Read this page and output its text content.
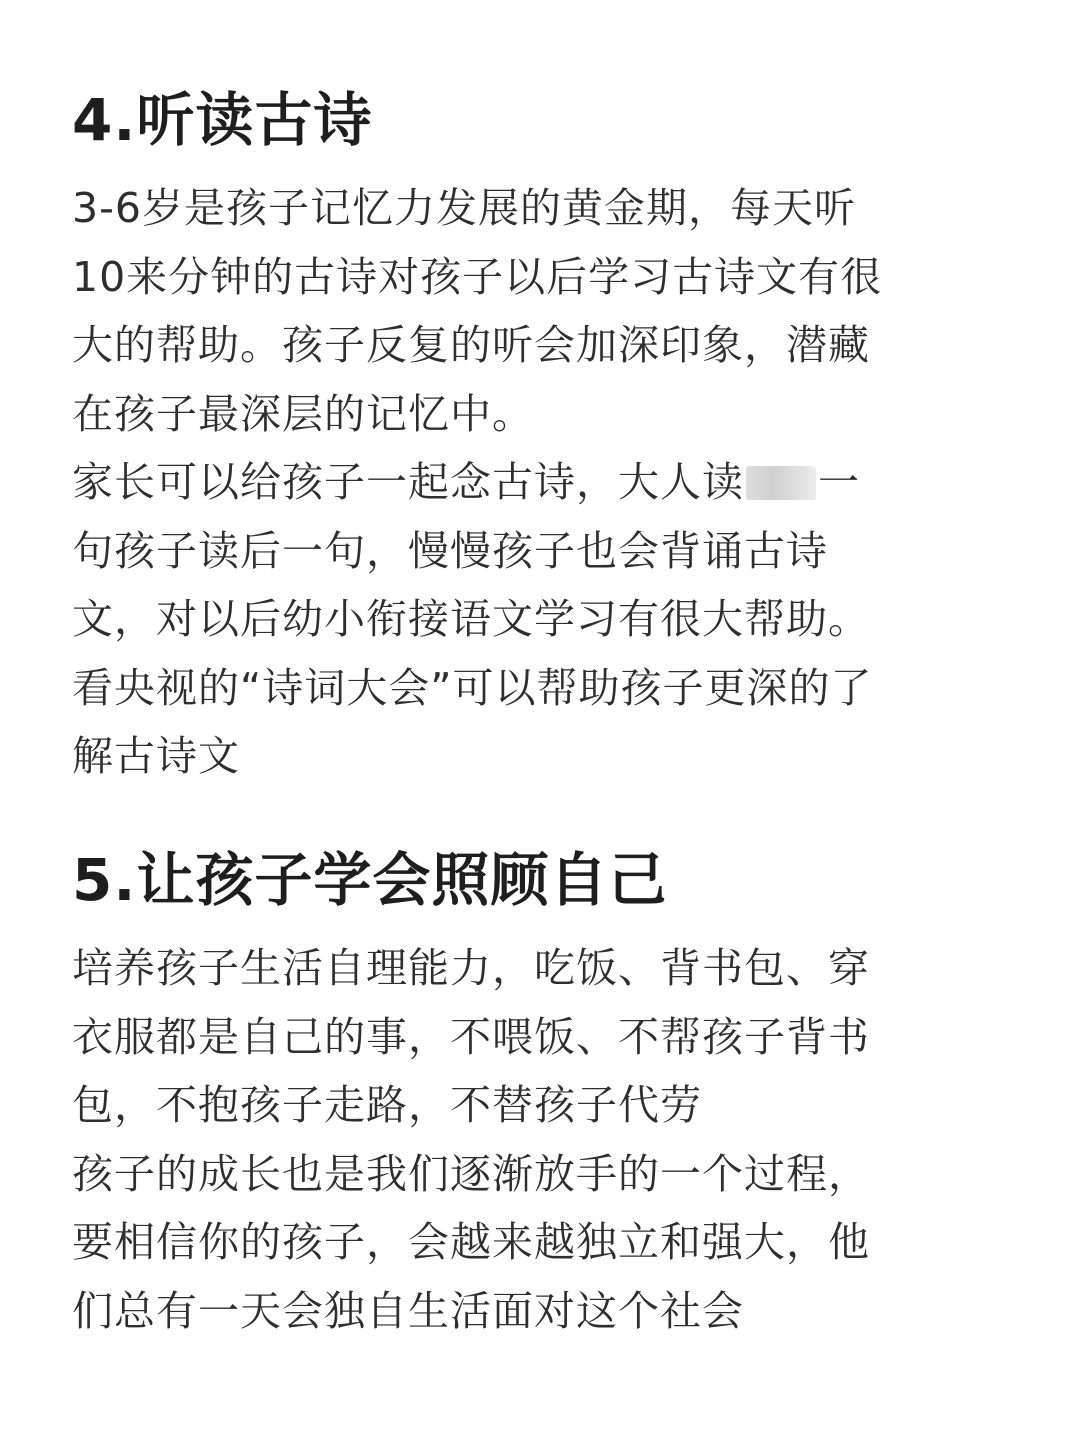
4.听读古诗
3-6岁是孩子记忆力发展的黄金期，每天听
10来分钟的古诗对孩子以后学习古诗文有很
大的帮助。孩子反复的听会加深印象，潜藏
在孩子最深层的记忆中。
家长可以给孩子一起念古诗，大人读 一
句孩子读后一句，慢慢孩子也会背诵古诗
文，对以后幼小衔接语文学习有很大帮助。
看央视的“诗词大会”可以帮助孩子更深的了
解古诗文
5.让孩子学会照顾自己
培养孩子生活自理能力，吃饭、背书包、穿
衣服都是自己的事，不喂饭、不帮孩子背书
包，不抱孩子走路，不替孩子代劳
孩子的成长也是我们逐渐放手的一个过程，
要相信你的孩子，会越来越独立和强大，他
们总有一天会独自生活面对这个社会
